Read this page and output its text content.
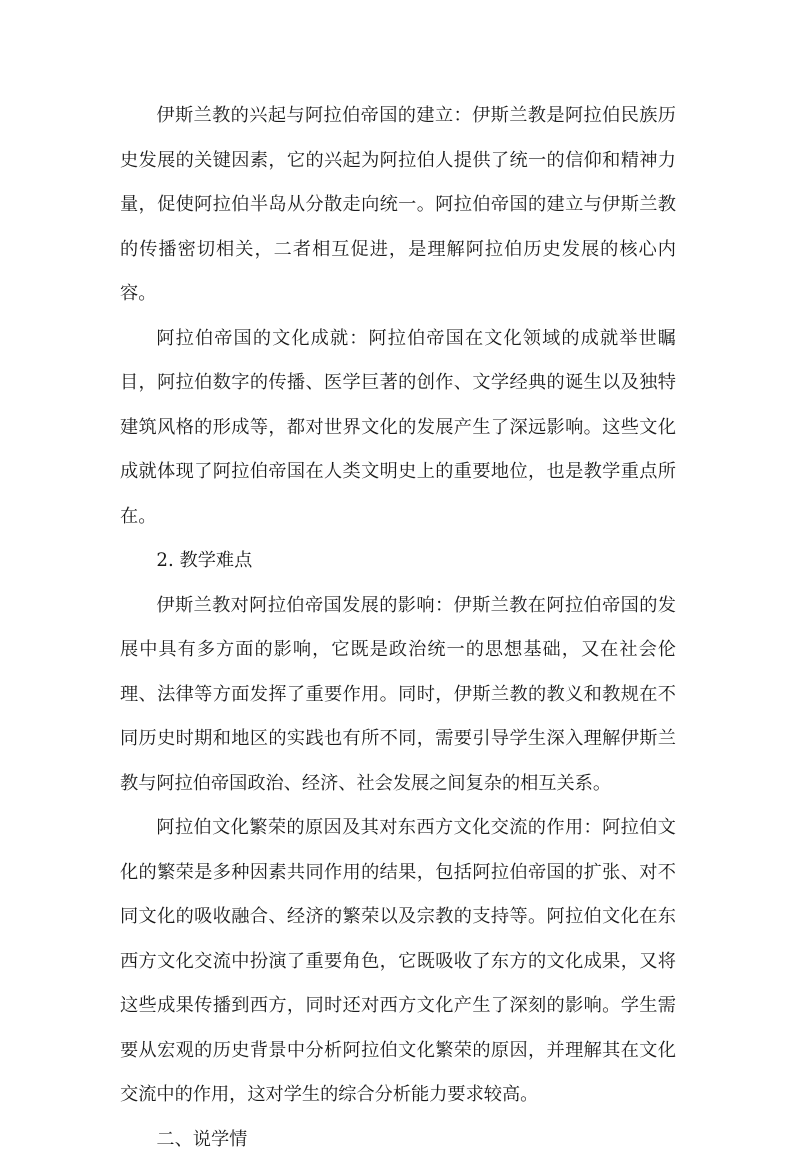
伊斯兰教的兴起与阿拉伯帝国的建立：伊斯兰教是阿拉伯民族历史发展的关键因素，它的兴起为阿拉伯人提供了统一的信仰和精神力量，促使阿拉伯半岛从分散走向统一。阿拉伯帝国的建立与伊斯兰教的传播密切相关，二者相互促进，是理解阿拉伯历史发展的核心内容。

阿拉伯帝国的文化成就：阿拉伯帝国在文化领域的成就举世瞩目，阿拉伯数字的传播、医学巨著的创作、文学经典的诞生以及独特建筑风格的形成等，都对世界文化的发展产生了深远影响。这些文化成就体现了阿拉伯帝国在人类文明史上的重要地位，也是教学重点所在。

2. 教学难点

伊斯兰教对阿拉伯帝国发展的影响：伊斯兰教在阿拉伯帝国的发展中具有多方面的影响，它既是政治统一的思想基础，又在社会伦理、法律等方面发挥了重要作用。同时，伊斯兰教的教义和教规在不同历史时期和地区的实践也有所不同，需要引导学生深入理解伊斯兰教与阿拉伯帝国政治、经济、社会发展之间复杂的相互关系。

阿拉伯文化繁荣的原因及其对东西方文化交流的作用：阿拉伯文化的繁荣是多种因素共同作用的结果，包括阿拉伯帝国的扩张、对不同文化的吸收融合、经济的繁荣以及宗教的支持等。阿拉伯文化在东西方文化交流中扮演了重要角色，它既吸收了东方的文化成果，又将这些成果传播到西方，同时还对西方文化产生了深刻的影响。学生需要从宏观的历史背景中分析阿拉伯文化繁荣的原因，并理解其在文化交流中的作用，这对学生的综合分析能力要求较高。

二、说学情
